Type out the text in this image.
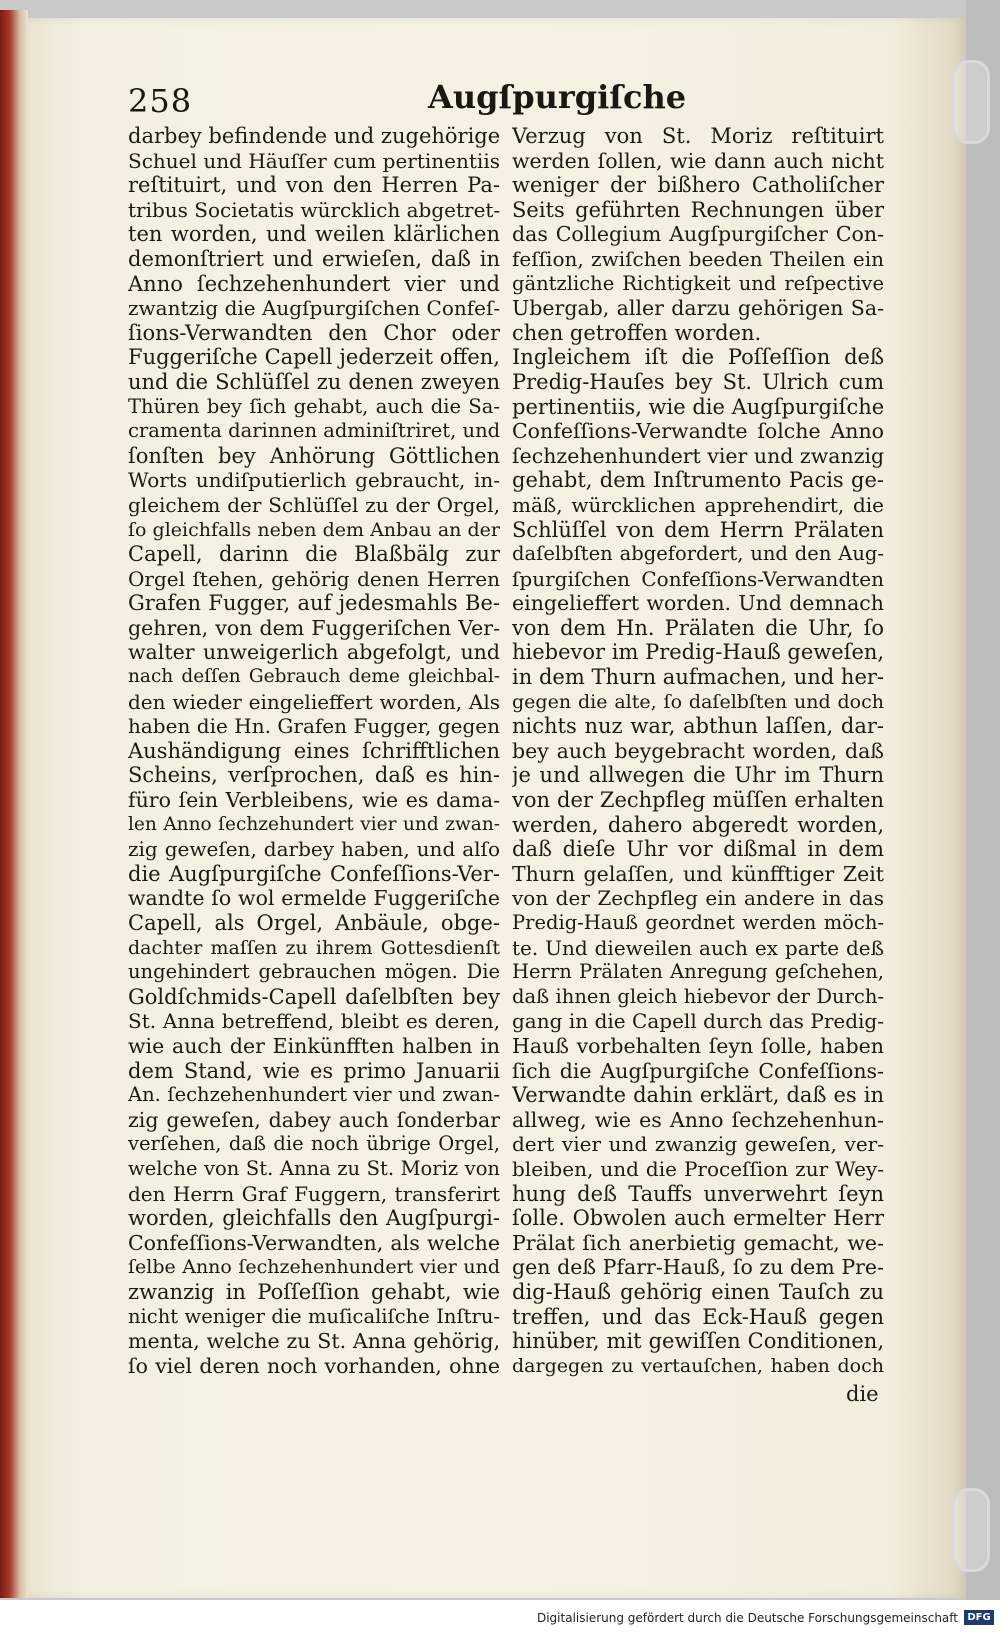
258	Augſpurgiſche
darbey befindende und zugehörige
Schuel und Häuſſer cum pertinentiis
reſtituirt, und von den Herren Pa-
tribus Societatis würcklich abgetret-
ten worden, und weilen klärlichen
demonſtriert und erwieſen, daß in
Anno ſechzehenhundert vier und
zwantzig die Augſpurgiſchen Confeſ-
ſions-Verwandten den Chor oder
Fuggeriſche Capell jederzeit offen,
und die Schlüſſel zu denen zweyen
Thüren bey ſich gehabt, auch die Sa-
cramenta darinnen adminiſtriret, und
ſonſten bey Anhörung Göttlichen
Worts undiſputierlich gebraucht, in-
gleichem der Schlüſſel zu der Orgel,
ſo gleichfalls neben dem Anbau an der
Capell, darinn die Blaßbälg zur
Orgel ſtehen, gehörig denen Herren
Grafen Fugger, auf jedesmahls Be-
gehren, von dem Fuggeriſchen Ver-
walter unweigerlich abgefolgt, und
nach deſſen Gebrauch deme gleichbal-
den wieder eingelieffert worden, Als
haben die Hn. Grafen Fugger, gegen
Aushändigung eines ſchrifftlichen
Scheins, verſprochen, daß es hin-
füro ſein Verbleibens, wie es dama-
len Anno ſechzehundert vier und zwan-
zig geweſen, darbey haben, und alſo
die Augſpurgiſche Confeſſions-Ver-
wandte ſo wol ermelde Fuggeriſche
Capell, als Orgel, Anbäule, obge-
dachter maſſen zu ihrem Gottesdienſt
ungehindert gebrauchen mögen. Die
Goldſchmids-Capell daſelbſten bey
St. Anna betreffend, bleibt es deren,
wie auch der Einkünfften halben in
dem Stand, wie es primo Januarii
An. ſechzehenhundert vier und zwan-
zig geweſen, dabey auch ſonderbar
verſehen, daß die noch übrige Orgel,
welche von St. Anna zu St. Moriz von
den Herrn Graf Fuggern, transferirt
worden, gleichfalls den Augſpurgi-
Confeſſions-Verwandten, als welche
ſelbe Anno ſechzehenhundert vier und
zwanzig in Poſſeſſion gehabt, wie
nicht weniger die muſicaliſche Inſtru-
menta, welche zu St. Anna gehörig,
ſo viel deren noch vorhanden, ohne
Verzug von St. Moriz reſtituirt
werden ſollen, wie dann auch nicht
weniger der bißhero Catholiſcher
Seits geführten Rechnungen über
das Collegium Augſpurgiſcher Con-
feſſion, zwiſchen beeden Theilen ein
gäntzliche Richtigkeit und reſpective
Ubergab, aller darzu gehörigen Sa-
chen getroffen worden.
Ingleichem iſt die Poſſeſſion deß
Predig-Hauſes bey St. Ulrich cum
pertinentiis, wie die Augſpurgiſche
Confeſſions-Verwandte ſolche Anno
ſechzehenhundert vier und zwanzig
gehabt, dem Inſtrumento Pacis ge-
mäß, würcklichen apprehendirt, die
Schlüſſel von dem Herrn Prälaten
daſelbſten abgefordert, und den Aug-
ſpurgiſchen Confeſſions-Verwandten
eingelieffert worden. Und demnach
von dem Hn. Prälaten die Uhr, ſo
hiebevor im Predig-Hauß geweſen,
in dem Thurn aufmachen, und her-
gegen die alte, ſo daſelbſten und doch
nichts nuz war, abthun laſſen, dar-
bey auch beygebracht worden, daß
je und allwegen die Uhr im Thurn
von der Zechpfleg müſſen erhalten
werden, dahero abgeredt worden,
daß dieſe Uhr vor dißmal in dem
Thurn gelaſſen, und künfftiger Zeit
von der Zechpfleg ein andere in das
Predig-Hauß geordnet werden möch-
te. Und dieweilen auch ex parte deß
Herrn Prälaten Anregung geſchehen,
daß ihnen gleich hiebevor der Durch-
gang in die Capell durch das Predig-
Hauß vorbehalten ſeyn ſolle, haben
ſich die Augſpurgiſche Confeſſions-
Verwandte dahin erklärt, daß es in
allweg, wie es Anno ſechzehenhun-
dert vier und zwanzig geweſen, ver-
bleiben, und die Proceſſion zur Wey-
hung deß Tauffs unverwehrt ſeyn
ſolle. Obwolen auch ermelter Herr
Prälat ſich anerbietig gemacht, we-
gen deß Pfarr-Hauß, ſo zu dem Pre-
dig-Hauß gehörig einen Tauſch zu
treffen, und das Eck-Hauß gegen
hinüber, mit gewiſſen Conditionen,
dargegen zu vertauſchen, haben doch
die
Digitalisierung gefördert durch die Deutsche Forschungsgemeinschaft DFG
